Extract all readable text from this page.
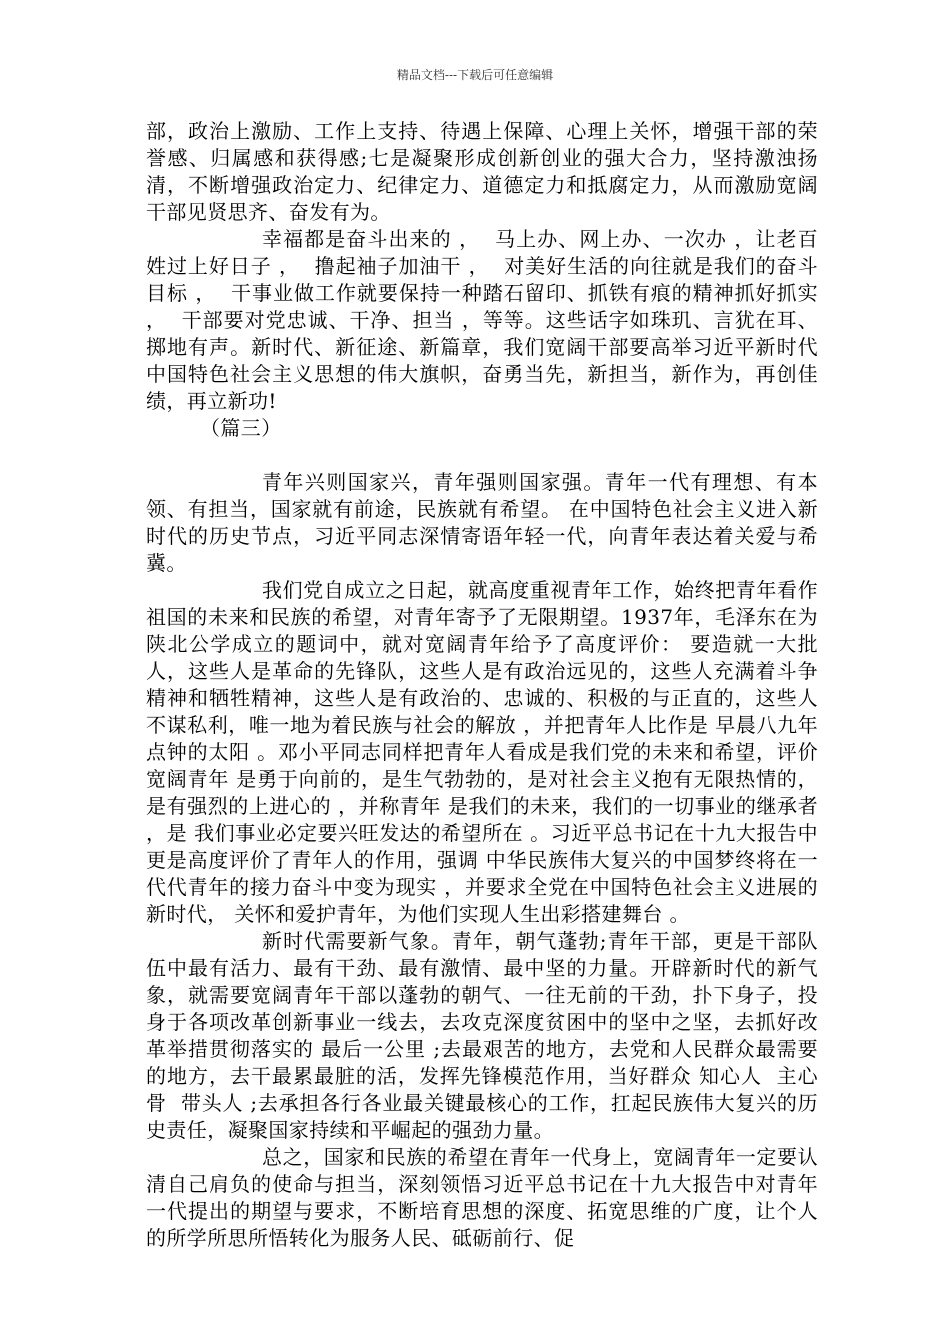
精品文档---下载后可任意编辑

部，政治上激励、工作上支持、待遇上保障、心理上关怀，增强干部的荣誉感、归属感和获得感;七是凝聚形成创新创业的强大合力，坚持激浊扬清，不断增强政治定力、纪律定力、道德定力和抵腐定力，从而激励宽阔干部见贤思齐、奋发有为。

幸福都是奋斗出来的 ，  马上办、网上办、一次办 ，让老百姓过上好日子 ，  撸起袖子加油干 ，  对美好生活的向往就是我们的奋斗目标 ，  干事业做工作就要保持一种踏石留印、抓铁有痕的精神抓好抓实 ，  干部要对党忠诚、干净、担当 ，等等。这些话字如珠玑、言犹在耳、掷地有声。新时代、新征途、新篇章，我们宽阔干部要高举习近平新时代中国特色社会主义思想的伟大旗帜，奋勇当先，新担当，新作为，再创佳绩，再立新功!

（篇三）

青年兴则国家兴，青年强则国家强。青年一代有理想、有本领、有担当，国家就有前途，民族就有希望。 在中国特色社会主义进入新时代的历史节点，习近平同志深情寄语年轻一代，向青年表达着关爱与希冀。

我们党自成立之日起，就高度重视青年工作，始终把青年看作祖国的未来和民族的希望，对青年寄予了无限期望。1937年，毛泽东在为陕北公学成立的题词中，就对宽阔青年给予了高度评价： 要造就一大批人，这些人是革命的先锋队，这些人是有政治远见的，这些人充满着斗争精神和牺牲精神，这些人是有政治的、忠诚的、积极的与正直的，这些人不谋私利，唯一地为着民族与社会的解放 ，并把青年人比作是 早晨八九年点钟的太阳 。邓小平同志同样把青年人看成是我们党的未来和希望，评价宽阔青年 是勇于向前的，是生气勃勃的，是对社会主义抱有无限热情的，是有强烈的上进心的 ，并称青年 是我们的未来，我们的一切事业的继承者 ，是 我们事业必定要兴旺发达的希望所在 。习近平总书记在十九大报告中更是高度评价了青年人的作用，强调 中华民族伟大复兴的中国梦终将在一代代青年的接力奋斗中变为现实 ，并要求全党在中国特色社会主义进展的新时代， 关怀和爱护青年，为他们实现人生出彩搭建舞台 。

新时代需要新气象。青年，朝气蓬勃;青年干部，更是干部队伍中最有活力、最有干劲、最有激情、最中坚的力量。开辟新时代的新气象，就需要宽阔青年干部以蓬勃的朝气、一往无前的干劲，扑下身子，投身于各项改革创新事业一线去，去攻克深度贫困中的坚中之坚，去抓好改革举措贯彻落实的 最后一公里 ;去最艰苦的地方，去党和人民群众最需要的地方，去干最累最脏的活，发挥先锋模范作用，当好群众 知心人  主心骨  带头人 ;去承担各行各业最关键最核心的工作，扛起民族伟大复兴的历史责任，凝聚国家持续和平崛起的强劲力量。

总之，国家和民族的希望在青年一代身上，宽阔青年一定要认清自己肩负的使命与担当，深刻领悟习近平总书记在十九大报告中对青年一代提出的期望与要求，不断培育思想的深度、拓宽思维的广度，让个人的所学所思所悟转化为服务人民、砥砺前行、促
